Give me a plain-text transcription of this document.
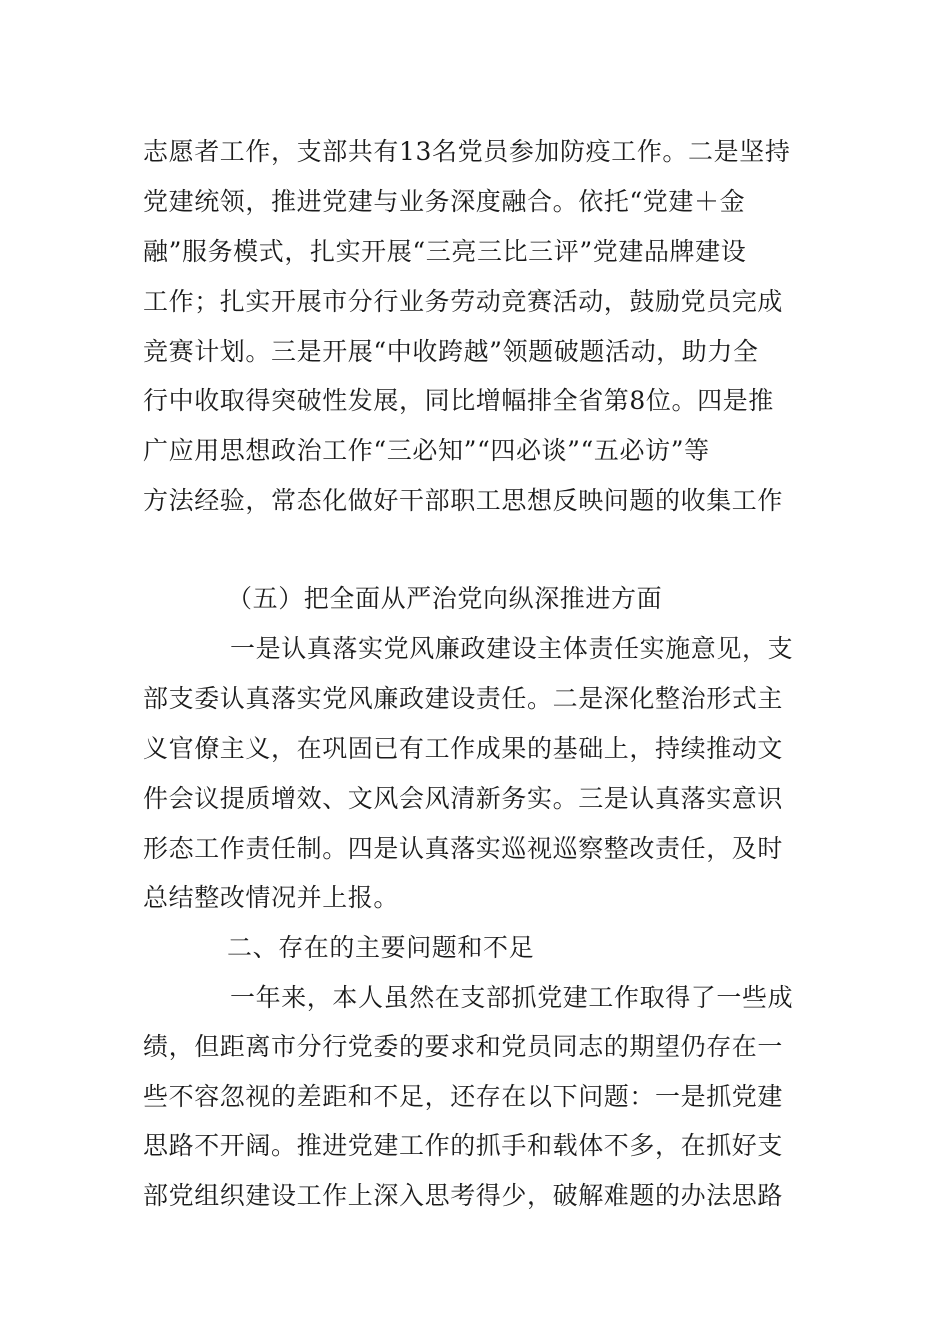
志愿者工作，支部共有13名党员参加防疫工作。二是坚持
党建统领，推进党建与业务深度融合。依托“党建＋金
融”服务模式，扎实开展“三亮三比三评”党建品牌建设
工作；扎实开展市分行业务劳动竞赛活动，鼓励党员完成
竞赛计划。三是开展“中收跨越”领题破题活动，助力全
行中收取得突破性发展，同比增幅排全省第8位。四是推
广应用思想政治工作“三必知”“四必谈”“五必访”等
方法经验，常态化做好干部职工思想反映问题的收集工作
（五）把全面从严治党向纵深推进方面
一是认真落实党风廉政建设主体责任实施意见，支
部支委认真落实党风廉政建设责任。二是深化整治形式主
义官僚主义，在巩固已有工作成果的基础上，持续推动文
件会议提质增效、文风会风清新务实。三是认真落实意识
形态工作责任制。四是认真落实巡视巡察整改责任，及时
总结整改情况并上报。
二、存在的主要问题和不足
一年来，本人虽然在支部抓党建工作取得了一些成
绩，但距离市分行党委的要求和党员同志的期望仍存在一
些不容忽视的差距和不足，还存在以下问题：一是抓党建
思路不开阔。推进党建工作的抓手和载体不多，在抓好支
部党组织建设工作上深入思考得少，破解难题的办法思路
